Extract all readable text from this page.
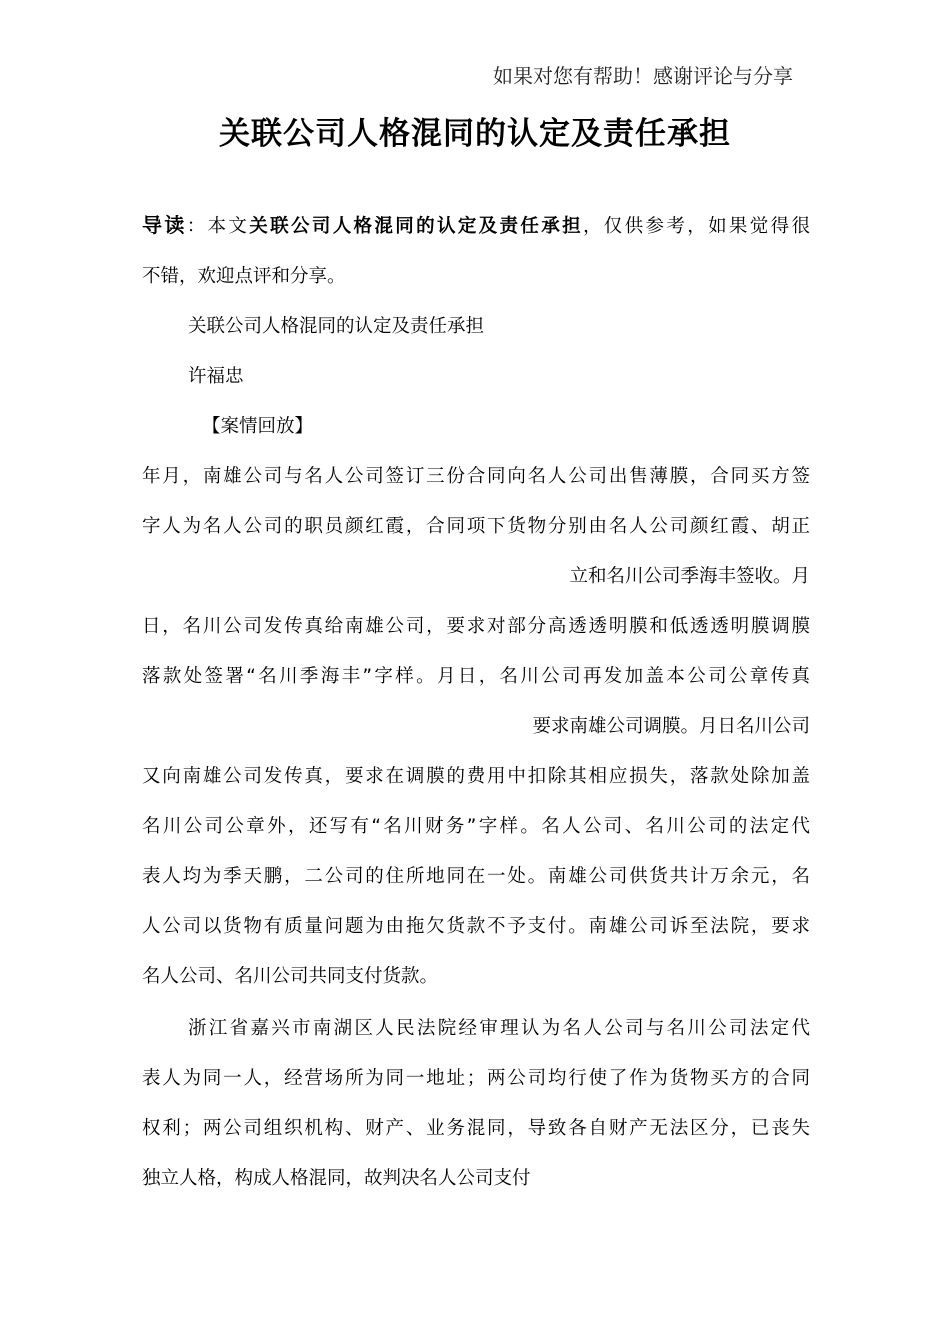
如果对您有帮助！感谢评论与分享
关联公司人格混同的认定及责任承担

导读：本文关联公司人格混同的认定及责任承担，仅供参考，如果觉得很

不错，欢迎点评和分享。

关联公司人格混同的认定及责任承担

许福忠

【案情回放】

年月，南雄公司与名人公司签订三份合同向名人公司出售薄膜，合同买方签

字人为名人公司的职员颜红霞，合同项下货物分别由名人公司颜红霞、胡正

立和名川公司季海丰签收。月

日，名川公司发传真给南雄公司，要求对部分高透透明膜和低透透明膜调膜

落款处签署“名川季海丰”字样。月日，名川公司再发加盖本公司公章传真

要求南雄公司调膜。月日名川公司

又向南雄公司发传真，要求在调膜的费用中扣除其相应损失，落款处除加盖

名川公司公章外，还写有“名川财务”字样。名人公司、名川公司的法定代

表人均为季天鹏，二公司的住所地同在一处。南雄公司供货共计万余元，名

人公司以货物有质量问题为由拖欠货款不予支付。南雄公司诉至法院，要求

名人公司、名川公司共同支付货款。

浙江省嘉兴市南湖区人民法院经审理认为名人公司与名川公司法定代

表人为同一人，经营场所为同一地址；两公司均行使了作为货物买方的合同

权利；两公司组织机构、财产、业务混同，导致各自财产无法区分，已丧失

独立人格，构成人格混同，故判决名人公司支付
